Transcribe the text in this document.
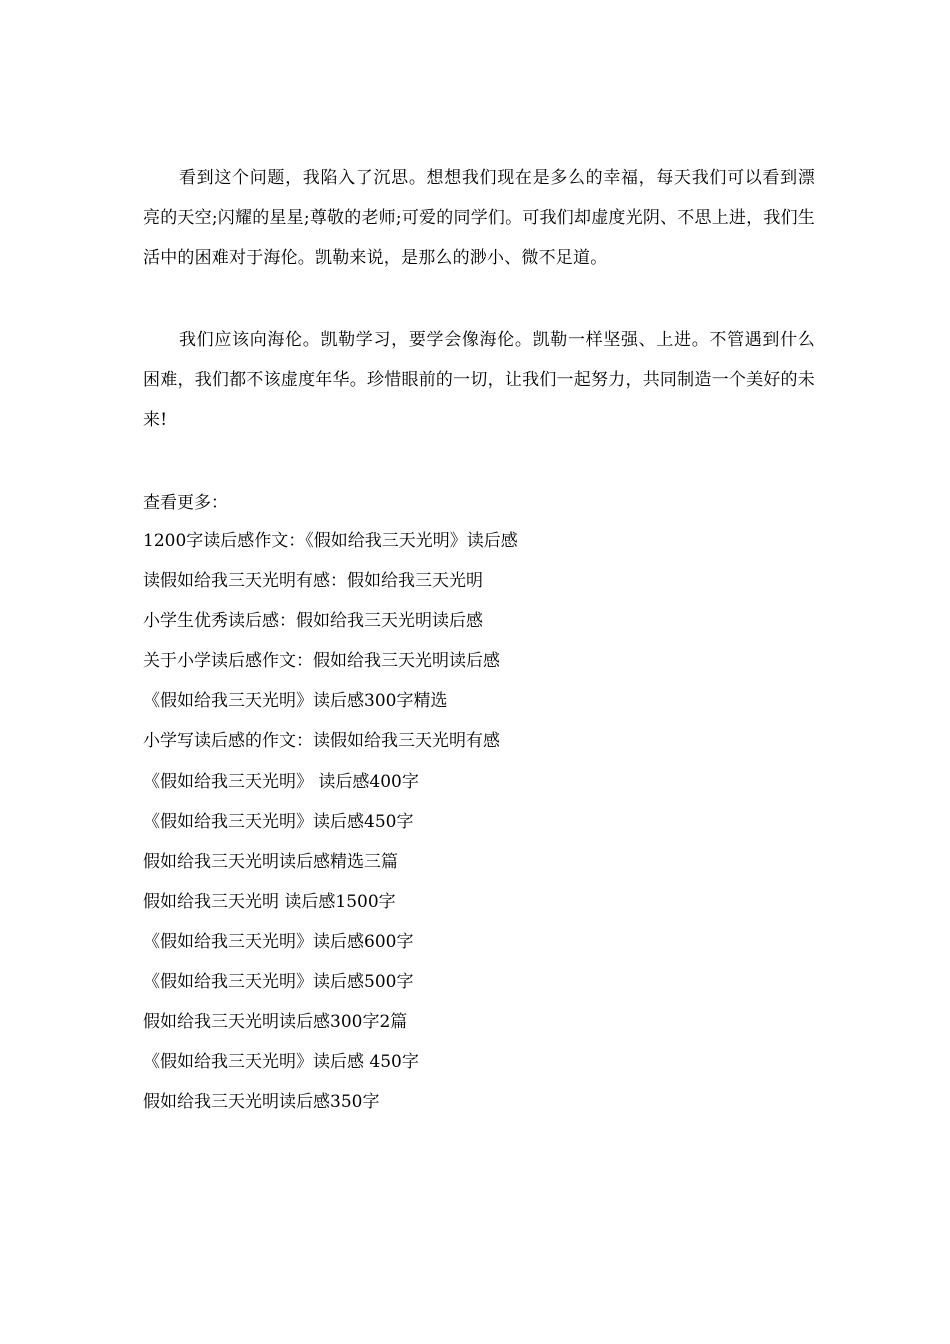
看到这个问题，我陷入了沉思。想想我们现在是多么的幸福，每天我们可以看到漂亮的天空;闪耀的星星;尊敬的老师;可爱的同学们。可我们却虚度光阴、不思上进，我们生活中的困难对于海伦。凯勒来说，是那么的渺小、微不足道。

我们应该向海伦。凯勒学习，要学会像海伦。凯勒一样坚强、上进。不管遇到什么困难，我们都不该虚度年华。珍惜眼前的一切，让我们一起努力，共同制造一个美好的未来!

查看更多：

1200字读后感作文：《假如给我三天光明》读后感
读假如给我三天光明有感：假如给我三天光明
小学生优秀读后感：假如给我三天光明读后感
关于小学读后感作文：假如给我三天光明读后感
《假如给我三天光明》读后感300字精选
小学写读后感的作文：读假如给我三天光明有感
《假如给我三天光明》 读后感400字
《假如给我三天光明》读后感450字
假如给我三天光明读后感精选三篇
假如给我三天光明 读后感1500字
《假如给我三天光明》读后感600字
《假如给我三天光明》读后感500字
假如给我三天光明读后感300字2篇
《假如给我三天光明》读后感 450字
假如给我三天光明读后感350字
